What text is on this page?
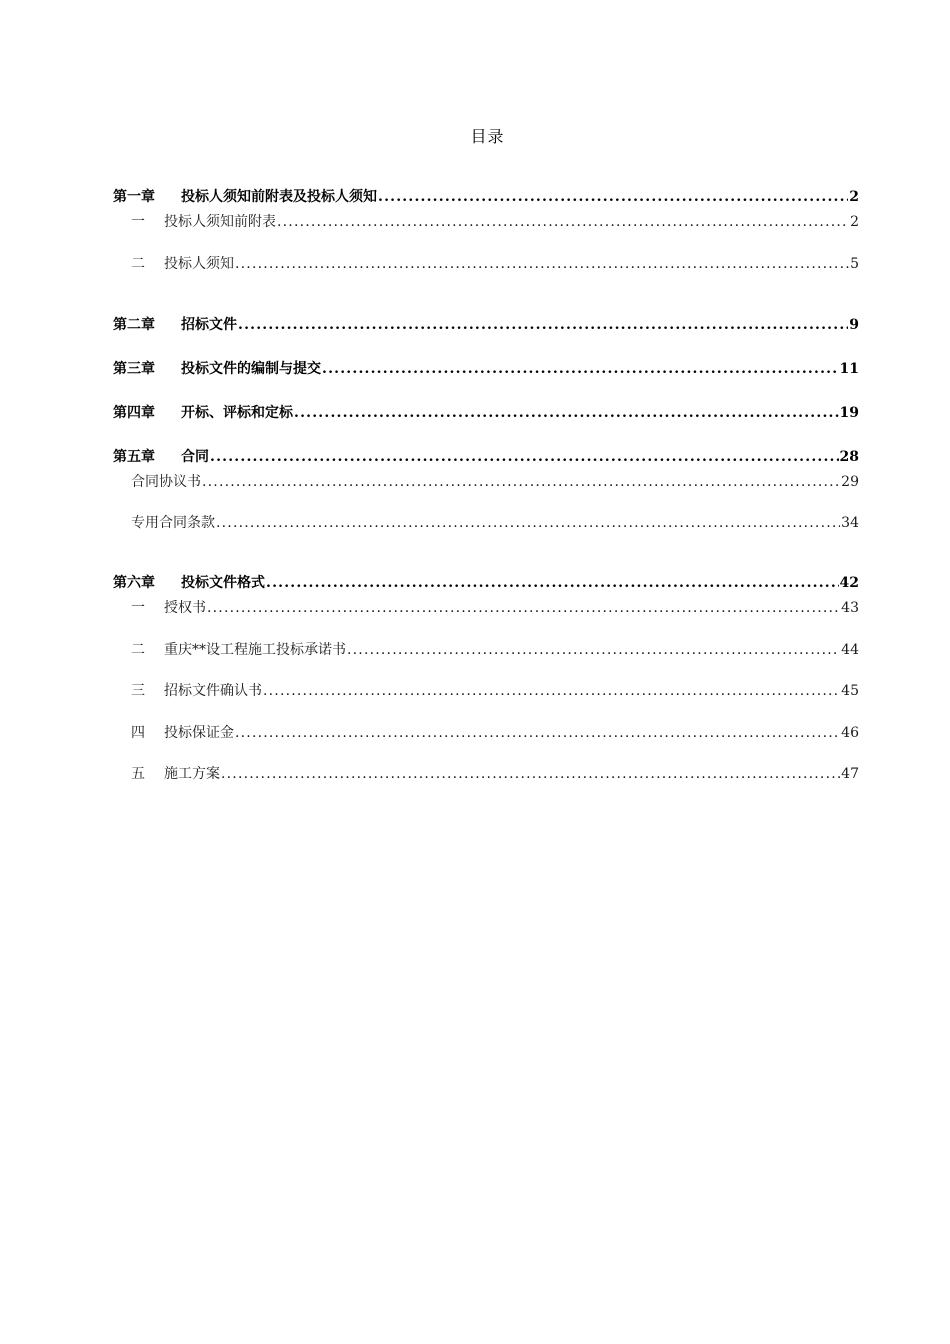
目录
第一章	投标人须知前附表及投标人须知 .....	2
一	投标人须知前附表 .....	2
二	投标人须知 .....	5
第二章	招标文件 .....	9
第三章	投标文件的编制与提交 .....	11
第四章	开标、评标和定标 .....	19
第五章	合同 .....	28
合同协议书 .....	29
专用合同条款 .....	34
第六章	投标文件格式 .....	42
一	授权书 .....	43
二	重庆**设工程施工投标承诺书 .....	44
三	招标文件确认书 .....	45
四	投标保证金 .....	46
五	施工方案 .....	47
